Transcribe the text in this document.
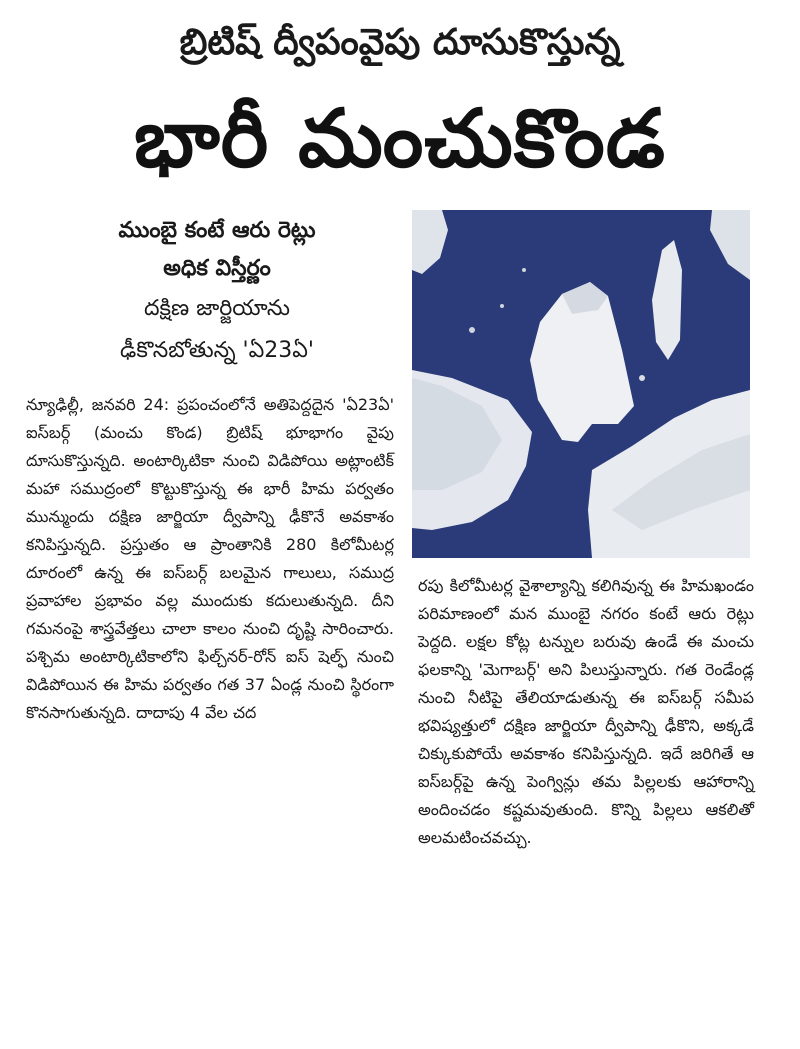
బ్రిటిష్ ద్వీపంవైపు దూసుకొస్తున్న
భారీ మంచుకొండ
ముంబై కంటే ఆరు రెట్లు
అధిక విస్తీర్ణం
దక్షిణ జార్జియాను
ఢీకొనబోతున్న 'ఏ23ఏ'

న్యూఢిల్లీ, జనవరి 24: ప్రపంచంలోనే అతిపెద్దదైన 'ఏ23ఏ' ఐస్‌బర్గ్ (మంచు కొండ) బ్రిటిష్ భూభాగం వైపు దూసుకొస్తున్నది. అంటార్కిటికా నుంచి విడిపోయి అట్లాంటిక్ మహా సముద్రంలో కొట్టుకొస్తున్న ఈ భారీ హిమ పర్వతం మున్ముందు దక్షిణ జార్జియా ద్వీపాన్ని ఢీకొనే అవకాశం కనిపిస్తున్నది. ప్రస్తుతం ఆ ప్రాంతానికి 280 కిలోమీటర్ల దూరంలో ఉన్న ఈ ఐస్‌బర్గ్ బలమైన గాలులు, సముద్ర ప్రవాహాల ప్రభావం వల్ల ముందుకు కదులుతున్నది. దీని గమనంపై శాస్త్రవేత్తలు చాలా కాలం నుంచి దృష్టి సారించారు. పశ్చిమ అంటార్కిటికాలోని ఫిల్చ్‌నర్-రోన్ ఐస్ షెల్ఫ్ నుంచి విడిపోయిన ఈ హిమ పర్వతం గత 37 ఏండ్ల నుంచి స్థిరంగా కొనసాగుతున్నది. దాదాపు 4 వేల చద

రపు కిలోమీటర్ల వైశాల్యాన్ని కలిగివున్న ఈ హిమఖండం పరిమాణంలో మన ముంబై నగరం కంటే ఆరు రెట్లు పెద్దది. లక్షల కోట్ల టన్నుల బరువు ఉండే ఈ మంచు ఫలకాన్ని 'మెగాబర్గ్' అని పిలుస్తున్నారు. గత రెండేండ్ల నుంచి నీటిపై తేలియాడుతున్న ఈ ఐస్‌బర్గ్ సమీప భవిష్యత్తులో దక్షిణ జార్జియా ద్వీపాన్ని ఢీకొని, అక్కడే చిక్కుకుపోయే అవకాశం కనిపిస్తున్నది. ఇదే జరిగితే ఆ ఐస్‌బర్గ్‌పై ఉన్న పెంగ్విన్లు తమ పిల్లలకు ఆహారాన్ని అందించడం కష్టమవుతుంది. కొన్ని పిల్లలు ఆకలితో అలమటించవచ్చు.
